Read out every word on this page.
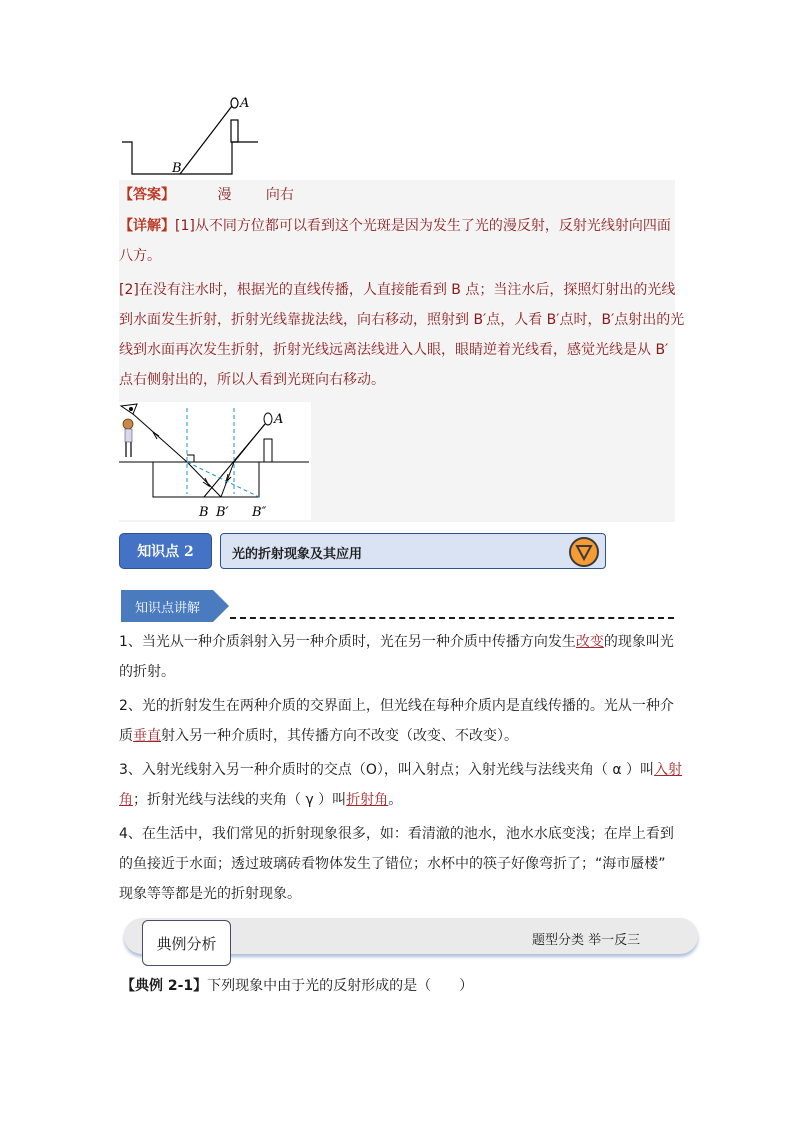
A
B
【答案】	漫 向右
【详解】[1]从不同方位都可以看到这个光斑是因为发生了光的漫反射，反射光线射向四面
八方。
[2]在没有注水时，根据光的直线传播，人直接能看到 B 点；当注水后，探照灯射出的光线
到水面发生折射，折射光线靠拢法线，向右移动，照射到 B′点，人看 B′点时，B′点射出的光
线到水面再次发生折射，折射光线远离法线进入人眼，眼睛逆着光线看，感觉光线是从 B′
点右侧射出的，所以人看到光斑向右移动。
A
B B′ B″
知识点 2	光的折射现象及其应用
知识点讲解
1、当光从一种介质斜射入另一种介质时，光在另一种介质中传播方向发生改变的现象叫光
的折射。
2、光的折射发生在两种介质的交界面上，但光线在每种介质内是直线传播的。光从一种介
质垂直射入另一种介质时，其传播方向不改变（改变、不改变）。
3、入射光线射入另一种介质时的交点（O），叫入射点；入射光线与法线夹角（ α ）叫入射
角；折射光线与法线的夹角（ γ ）叫折射角。
4、在生活中，我们常见的折射现象很多，如：看清澈的池水，池水水底变浅；在岸上看到
的鱼接近于水面；透过玻璃砖看物体发生了错位；水杯中的筷子好像弯折了；“海市蜃楼”
现象等等都是光的折射现象。
典例分析	题型分类 举一反三
【典例 2-1】下列现象中由于光的反射形成的是（　　）
